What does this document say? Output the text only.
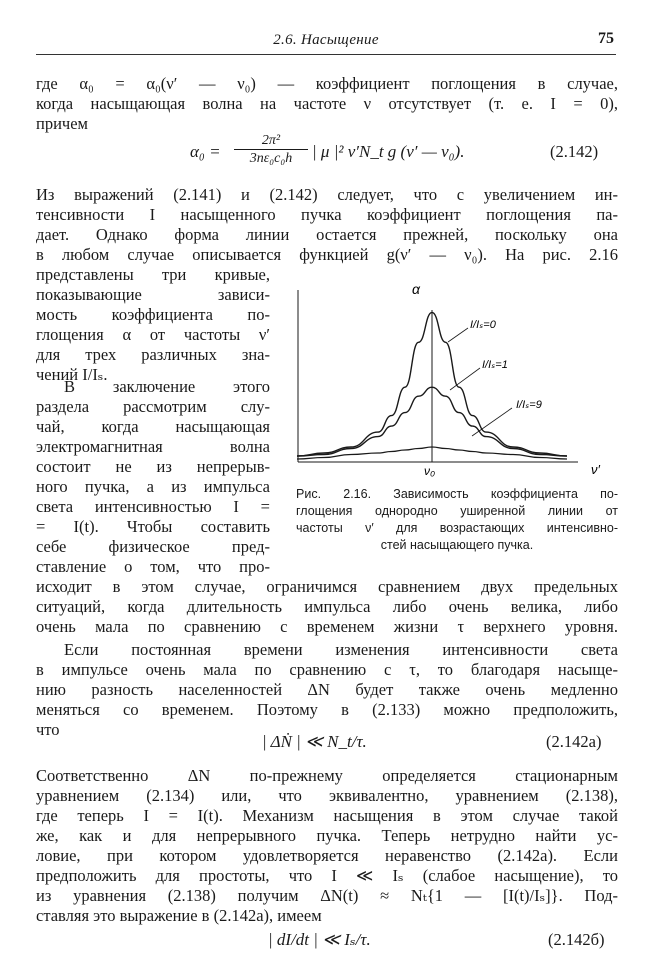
2.6. Насыщение	75
где α₀ = α₀(ν′ — ν₀) — коэффициент поглощения в случае,
когда насыщающая волна на частоте ν отсутствует (т. е. I = 0),
причем
$\alpha_0 = \frac{\text{2π²}}{\text{3nε₀c₀h}}$ | μ |² ν′N_t g (ν′ — ν₀).	(2.142)
Из выражений (2.141) и (2.142) следует, что с увеличением ин-
тенсивности I насыщенного пучка коэффициент поглощения па-
дает. Однако форма линии остается прежней, поскольку она
в любом случае описывается функцией g(ν′ — ν₀). На рис. 2.16
представлены три кривые,
показывающие зависи-
мость коэффициента по-
глощения α от частоты ν′
для трех различных зна-
чений I/Iₛ.
В заключение этого
раздела рассмотрим слу-
чай, когда насыщающая
электромагнитная волна
состоит не из непрерыв-
ного пучка, а из импульса
света интенсивностью I =
= I(t). Чтобы составить
себе физическое пред-
ставление о том, что про-
исходит в этом случае, ограничимся сравнением двух предельных
ситуаций, когда длительность импульса либо очень велика, либо
очень мала по сравнению с временем жизни τ верхнего уровня.
α
ν′
ν₀
I/Iₛ=0
I/Iₛ=1
I/Iₛ=9
Рис. 2.16. Зависимость коэффициента по-
глощения однородно уширенной линии от
частоты ν′ для возрастающих интенсивно-
стей насыщающего пучка.
Если постоянная времени изменения интенсивности света
в импульсе очень мала по сравнению с τ, то благодаря насыще-
нию разность населенностей ΔN будет также очень медленно
меняться со временем. Поэтому в (2.133) можно предположить,
что
| ΔṄ | ≪ N_t/τ.	(2.142а)
Соответственно ΔN по-прежнему определяется стационарным
уравнением (2.134) или, что эквивалентно, уравнением (2.138),
где теперь I = I(t). Механизм насыщения в этом случае такой
же, как и для непрерывного пучка. Теперь нетрудно найти ус-
ловие, при котором удовлетворяется неравенство (2.142а). Если
предположить для простоты, что I ≪ Iₛ (слабое насыщение), то
из уравнения (2.138) получим ΔN(t) ≈ Nₜ{1 — [I(t)/Iₛ]}. Под-
ставляя это выражение в (2.142а), имеем
| dI/dt | ≪ Iₛ/τ.	(2.142б)
